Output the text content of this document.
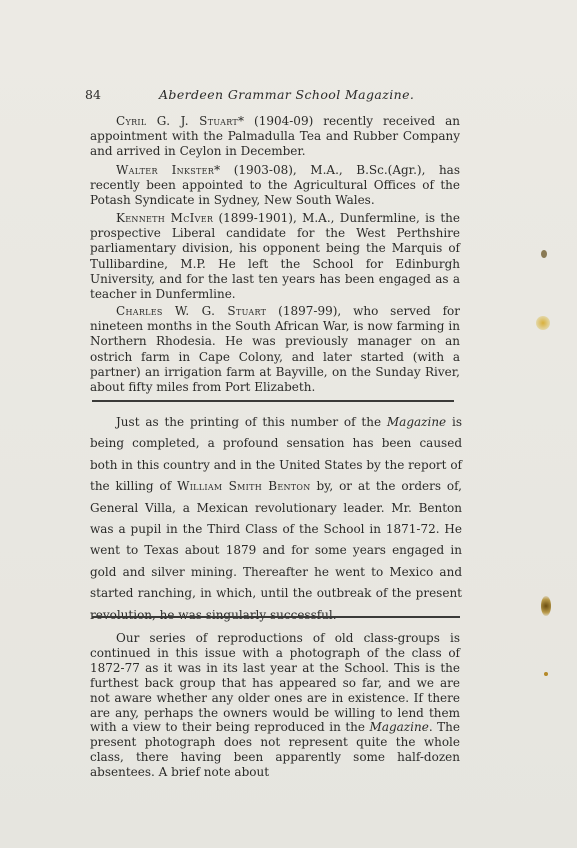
84	Aberdeen Grammar School Magazine.

Cyril G. J. Stuart* (1904-09) recently received an appointment with the Palmadulla Tea and Rubber Company and arrived in Ceylon in December.

Walter Inkster* (1903-08), M.A., B.Sc.(Agr.), has recently been appointed to the Agricultural Offices of the Potash Syndicate in Sydney, New South Wales.

Kenneth McIver (1899-1901), M.A., Dunfermline, is the prospective Liberal candidate for the West Perthshire parliamentary division, his opponent being the Marquis of Tullibardine, M.P. He left the School for Edinburgh University, and for the last ten years has been engaged as a teacher in Dunfermline.

Charles W. G. Stuart (1897-99), who served for nineteen months in the South African War, is now farming in Northern Rhodesia. He was previously manager on an ostrich farm in Cape Colony, and later started (with a partner) an irrigation farm at Bayville, on the Sunday River, about fifty miles from Port Elizabeth.

Just as the printing of this number of the Magazine is being completed, a profound sensation has been caused both in this country and in the United States by the report of the killing of William Smith Benton by, or at the orders of, General Villa, a Mexican revolutionary leader. Mr. Benton was a pupil in the Third Class of the School in 1871-72. He went to Texas about 1879 and for some years engaged in gold and silver mining. Thereafter he went to Mexico and started ranching, in which, until the outbreak of the present revolution, he was singularly successful.

Our series of reproductions of old class-groups is continued in this issue with a photograph of the class of 1872-77 as it was in its last year at the School. This is the furthest back group that has appeared so far, and we are not aware whether any older ones are in existence. If there are any, perhaps the owners would be willing to lend them with a view to their being reproduced in the Magazine. The present photograph does not represent quite the whole class, there having been apparently some half-dozen absentees. A brief note about
